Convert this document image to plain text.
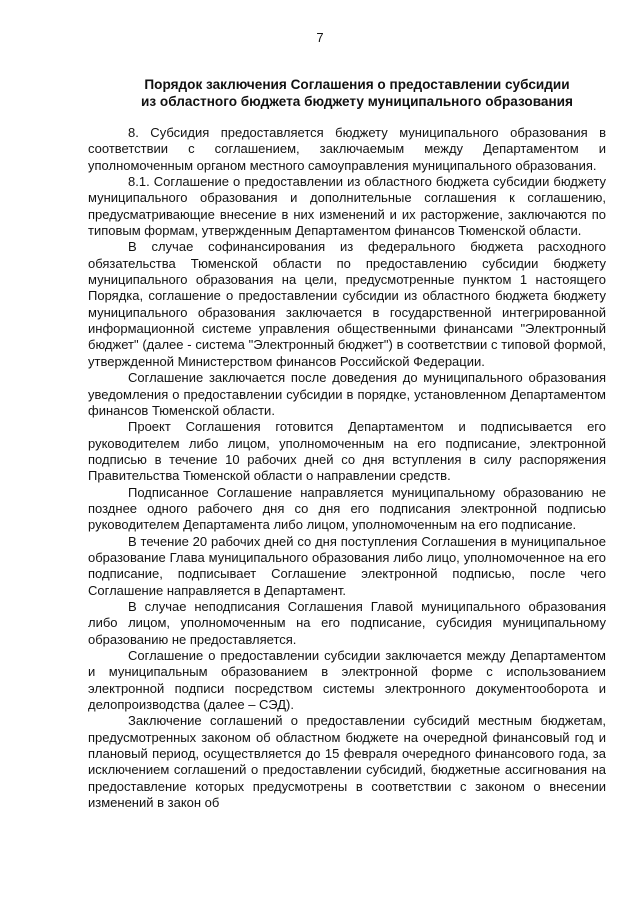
7
Порядок заключения Соглашения о предоставлении субсидии
из областного бюджета бюджету муниципального образования

8. Субсидия предоставляется бюджету муниципального образования в соответствии с соглашением, заключаемым между Департаментом и уполномоченным органом местного самоуправления муниципального образования.

8.1. Соглашение о предоставлении из областного бюджета субсидии бюджету муниципального образования и дополнительные соглашения к соглашению, предусматривающие внесение в них изменений и их расторжение, заключаются по типовым формам, утвержденным Департаментом финансов Тюменской области.

В случае софинансирования из федерального бюджета расходного обязательства Тюменской области по предоставлению субсидии бюджету муниципального образования на цели, предусмотренные пунктом 1 настоящего Порядка, соглашение о предоставлении субсидии из областного бюджета бюджету муниципального образования заключается в государственной интегрированной информационной системе управления общественными финансами "Электронный бюджет" (далее - система "Электронный бюджет") в соответствии с типовой формой, утвержденной Министерством финансов Российской Федерации.

Соглашение заключается после доведения до муниципального образования уведомления о предоставлении субсидии в порядке, установленном Департаментом финансов Тюменской области.

Проект Соглашения готовится Департаментом и подписывается его руководителем либо лицом, уполномоченным на его подписание, электронной подписью в течение 10 рабочих дней со дня вступления в силу распоряжения Правительства Тюменской области о направлении средств.

Подписанное Соглашение направляется муниципальному образованию не позднее одного рабочего дня со дня его подписания электронной подписью руководителем Департамента либо лицом, уполномоченным на его подписание.

В течение 20 рабочих дней со дня поступления Соглашения в муниципальное образование Глава муниципального образования либо лицо, уполномоченное на его подписание, подписывает Соглашение электронной подписью, после чего Соглашение направляется в Департамент.

В случае неподписания Соглашения Главой муниципального образования либо лицом, уполномоченным на его подписание, субсидия муниципальному образованию не предоставляется.

Соглашение о предоставлении субсидии заключается между Департаментом и муниципальным образованием в электронной форме с использованием электронной подписи посредством системы электронного документооборота и делопроизводства (далее – СЭД).

Заключение соглашений о предоставлении субсидий местным бюджетам, предусмотренных законом об областном бюджете на очередной финансовый год и плановый период, осуществляется до 15 февраля очередного финансового года, за исключением соглашений о предоставлении субсидий, бюджетные ассигнования на предоставление которых предусмотрены в соответствии с законом о внесении изменений в закон об
